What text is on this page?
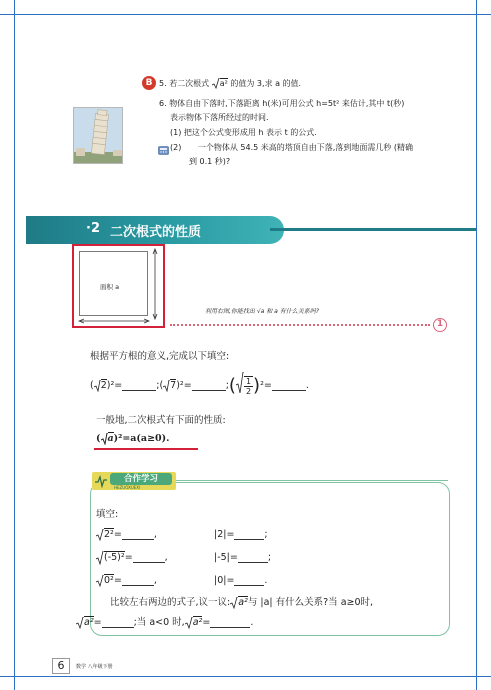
B 5. 若二次根式 a² 的值为 3,求 a 的值.
6. 物体自由下落时,下落距离 h(米)可用公式 h=5t² 来估计,其中 t(秒)
表示物体下落所经过的时间.
(1) 把这个公式变形成用 h 表示 t 的公式.
(2) 一个物体从 54.5 米高的塔顶自由下落,落到地面需几秒 (精确
到 0.1 秒)?
·2 二次根式的性质
面积 a
利用右图,你能找出 √a 和 a 有什么关系吗?
1
根据平方根的意义,完成以下填空:
( 2 )² =	;( 7 )² =	; ( $\frac{1}{2}$ ) ² =	.
一般地,二次根式有下面的性质:
( a )² =a(a≥0).
合作学习
HEZUOXUEXI
填空:
2² =	,	|2|=	;
(-5)² =	,	|-5|=	;
0² =	,	|0|=	.
比较左右两边的式子,议一议: a² 与 |a| 有什么关系?当 a≥0时,
a² =	;当 a<0 时, a² =	.
6	数学 八年级下册
